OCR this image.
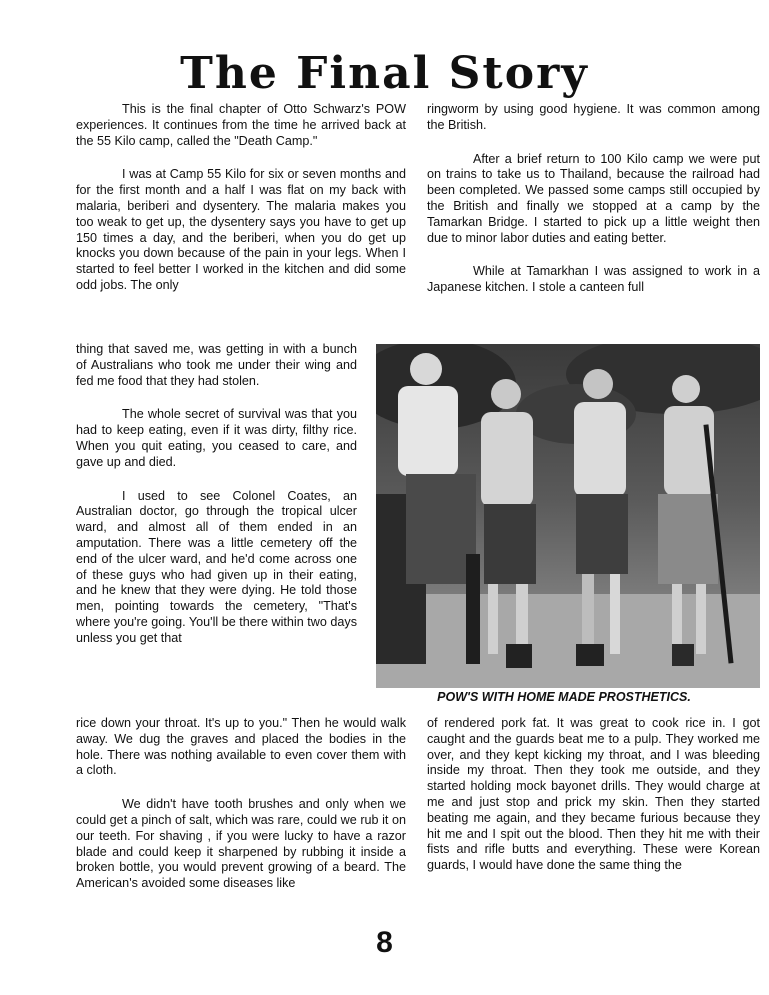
The Final Story

This is the final chapter of Otto Schwarz's POW experiences. It continues from the time he arrived back at the 55 Kilo camp, called the "Death Camp."

I was at Camp 55 Kilo for six or seven months and for the first month and a half I was flat on my back with malaria, beriberi and dysentery. The malaria makes you too weak to get up, the dysentery says you have to get up 150 times a day, and the beriberi, when you do get up knocks you down because of the pain in your legs. When I started to feel better I worked in the kitchen and did some odd jobs. The only

thing that saved me, was getting in with a bunch of Australians who took me under their wing and fed me food that they had stolen.

The whole secret of survival was that you had to keep eating, even if it was dirty, filthy rice. When you quit eating, you ceased to care, and gave up and died.

I used to see Colonel Coates, an Australian doctor, go through the tropical ulcer ward, and almost all of them ended in an amputation. There was a little cemetery off the end of the ulcer ward, and he'd come across one of these guys who had given up in their eating, and he knew that they were dying. He told those men, pointing towards the cemetery, "That's where you're going. You'll be there within two days unless you get that

rice down your throat. It's up to you." Then he would walk away. We dug the graves and placed the bodies in the hole. There was nothing available to even cover them with a cloth.

We didn't have tooth brushes and only when we could get a pinch of salt, which was rare, could we rub it on our teeth. For shaving , if you were lucky to have a razor blade and could keep it sharpened by rubbing it inside a broken bottle, you would prevent growing of a beard. The American's avoided some diseases like

ringworm by using good hygiene. It was common among the British.

After a brief return to 100 Kilo camp we were put on trains to take us to Thailand, because the railroad had been completed. We passed some camps still occupied by the British and finally we stopped at a camp by the Tamarkan Bridge. I started to pick up a little weight then due to minor labor duties and eating better.

While at Tamarkhan I was assigned to work in a Japanese kitchen. I stole a canteen full

POW'S WITH HOME MADE PROSTHETICS.

of rendered pork fat. It was great to cook rice in. I got caught and the guards beat me to a pulp. They worked me over, and they kept kicking my throat, and I was bleeding inside my throat. Then they took me outside, and they started holding mock bayonet drills. They would charge at me and just stop and prick my skin. Then they started beating me again, and they became furious because they hit me and I spit out the blood. Then they hit me with their fists and rifle butts and everything. These were Korean guards, I would have done the same thing the

8
